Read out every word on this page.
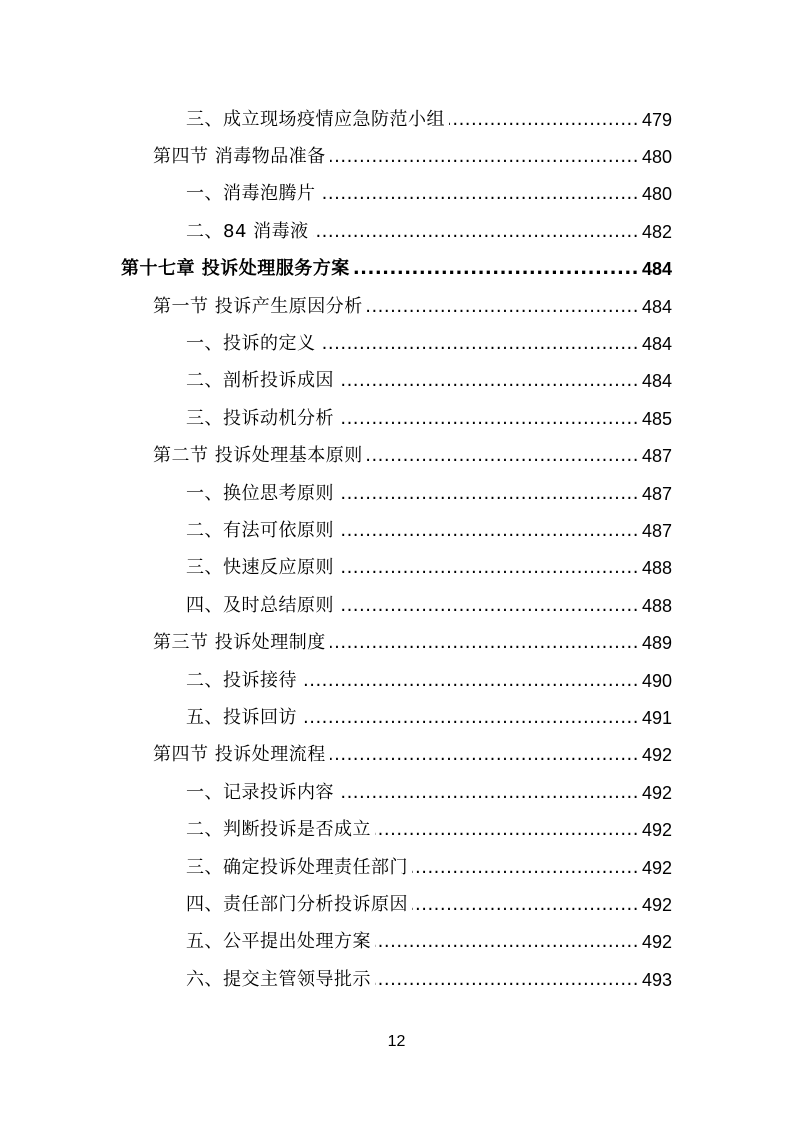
三、成立现场疫情应急防范小组 .....	479
第四节 消毒物品准备 .....	480
一、消毒泡腾片 .....	480
二、84 消毒液 .....	482
第十七章 投诉处理服务方案 .....	484
第一节 投诉产生原因分析 .....	484
一、投诉的定义 .....	484
二、剖析投诉成因 .....	484
三、投诉动机分析 .....	485
第二节 投诉处理基本原则 .....	487
一、换位思考原则 .....	487
二、有法可依原则 .....	487
三、快速反应原则 .....	488
四、及时总结原则 .....	488
第三节 投诉处理制度 .....	489
二、投诉接待 .....	490
五、投诉回访 .....	491
第四节 投诉处理流程 .....	492
一、记录投诉内容 .....	492
二、判断投诉是否成立 .....	492
三、确定投诉处理责任部门 .....	492
四、责任部门分析投诉原因 .....	492
五、公平提出处理方案 .....	492
六、提交主管领导批示 .....	493
12
